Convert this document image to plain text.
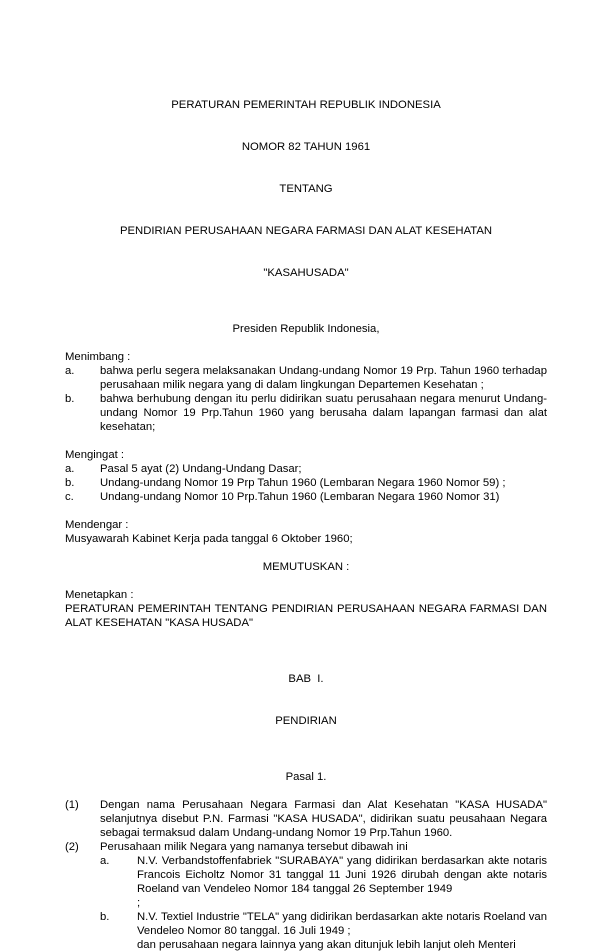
PERATURAN PEMERINTAH REPUBLIK INDONESIA

NOMOR 82 TAHUN 1961

TENTANG

PENDIRIAN PERUSAHAAN NEGARA FARMASI DAN ALAT KESEHATAN

"KASAHUSADA"

Presiden Republik Indonesia,
Menimbang :
a.	bahwa perlu segera melaksanakan Undang-undang Nomor 19 Prp. Tahun 1960 terhadap perusahaan milik negara yang di dalam lingkungan Departemen Kesehatan ;
b.	bahwa berhubung dengan itu perlu didirikan suatu perusahaan negara menurut Undang-undang Nomor 19 Prp.Tahun 1960 yang berusaha dalam lapangan farmasi dan alat kesehatan;
Mengingat :
a.	Pasal 5 ayat (2) Undang-Undang Dasar;
b.	Undang-undang Nomor 19 Prp Tahun 1960 (Lembaran Negara 1960 Nomor 59) ;
c.	Undang-undang Nomor 10 Prp.Tahun 1960 (Lembaran Negara 1960 Nomor 31)
Mendengar :
Musyawarah Kabinet Kerja pada tanggal 6 Oktober 1960;
MEMUTUSKAN :
Menetapkan :
PERATURAN PEMERINTAH TENTANG PENDIRIAN PERUSAHAAN NEGARA FARMASI DAN ALAT KESEHATAN "KASA HUSADA"

BAB  I.

PENDIRIAN

Pasal 1.
(1)	Dengan nama Perusahaan Negara Farmasi dan Alat Kesehatan "KASA HUSADA" selanjutnya disebut P.N. Farmasi "KASA HUSADA", didirikan suatu peusahaan Negara sebagai termaksud dalam Undang-undang Nomor 19 Prp.Tahun 1960.
(2)	Perusahaan milik Negara yang namanya tersebut dibawah ini
a.	N.V. Verbandstoffenfabriek "SURABAYA" yang didirikan berdasarkan akte notaris Francois Eicholtz Nomor 31 tanggal 11 Juni 1926 dirubah dengan akte notaris Roeland van Vendeleo Nomor 184 tanggal 26 September 1949
;
b.	N.V. Textiel Industrie "TELA" yang didirikan berdasarkan akte notaris Roeland van Vendeleo Nomor 80 tanggal. 16 Juli 1949 ;
dan perusahaan negara lainnya yang akan ditunjuk lebih lanjut oleh Menteri
